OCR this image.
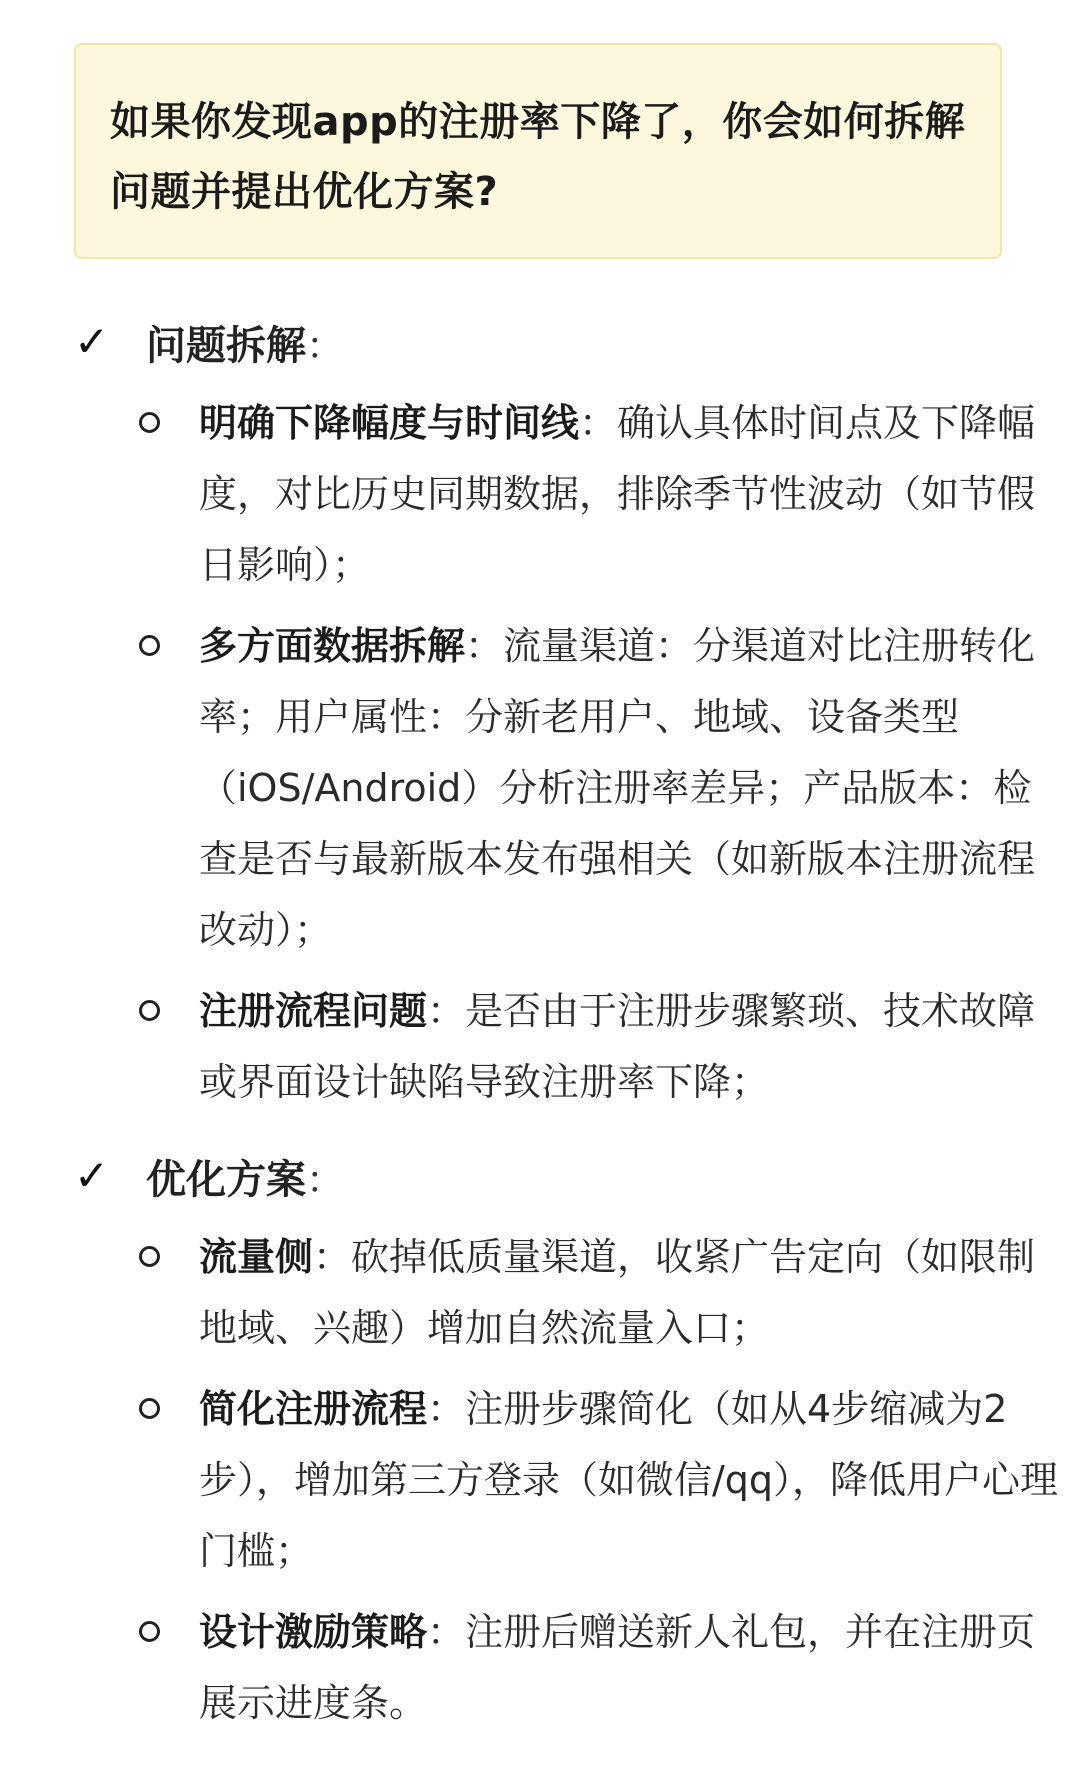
如果你发现app的注册率下降了，你会如何拆解问题并提出优化方案?
✓ 问题拆解 ：
明确下降幅度与时间线：确认具体时间点及下降幅度，对比历史同期数据，排除季节性波动（如节假日影响）；
多方面数据拆解：流量渠道：分渠道对比注册转化率；用户属性：分新老用户、地域、设备类型（iOS/Android）分析注册率差异；产品版本：检查是否与最新版本发布强相关（如新版本注册流程改动）；
注册流程问题：是否由于注册步骤繁琐、技术故障或界面设计缺陷导致注册率下降；
✓ 优化方案 ：
流量侧：砍掉低质量渠道，收紧广告定向（如限制地域、兴趣）增加自然流量入口；
简化注册流程：注册步骤简化（如从4步缩减为2步），增加第三方登录（如微信/qq），降低用户心理门槛；
设计激励策略：注册后赠送新人礼包，并在注册页展示进度条。
